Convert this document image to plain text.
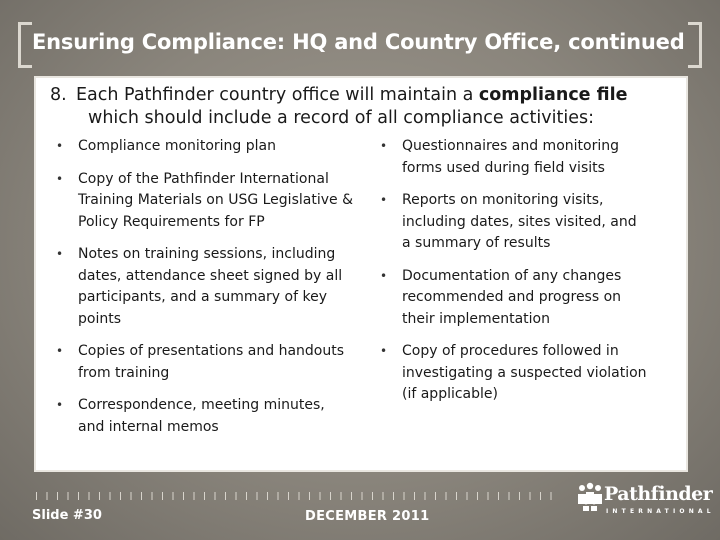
Ensuring Compliance: HQ and Country Office, continued
8. Each Pathfinder country office will maintain a compliance file
which should include a record of all compliance activities:
• Compliance monitoring plan
• Copy of the Pathfinder International Training Materials on USG Legislative & Policy Requirements for FP
• Notes on training sessions, including dates, attendance sheet signed by all participants, and a summary of key points
• Copies of presentations and handouts from training
• Correspondence, meeting minutes, and internal memos
• Questionnaires and monitoring forms used during field visits
• Reports on monitoring visits, including dates, sites visited, and a summary of results
• Documentation of any changes recommended and progress on their implementation
• Copy of procedures followed in investigating a suspected violation (if applicable)
Slide #30	DECEMBER 2011
Pathfinder
INTERNATIONAL
